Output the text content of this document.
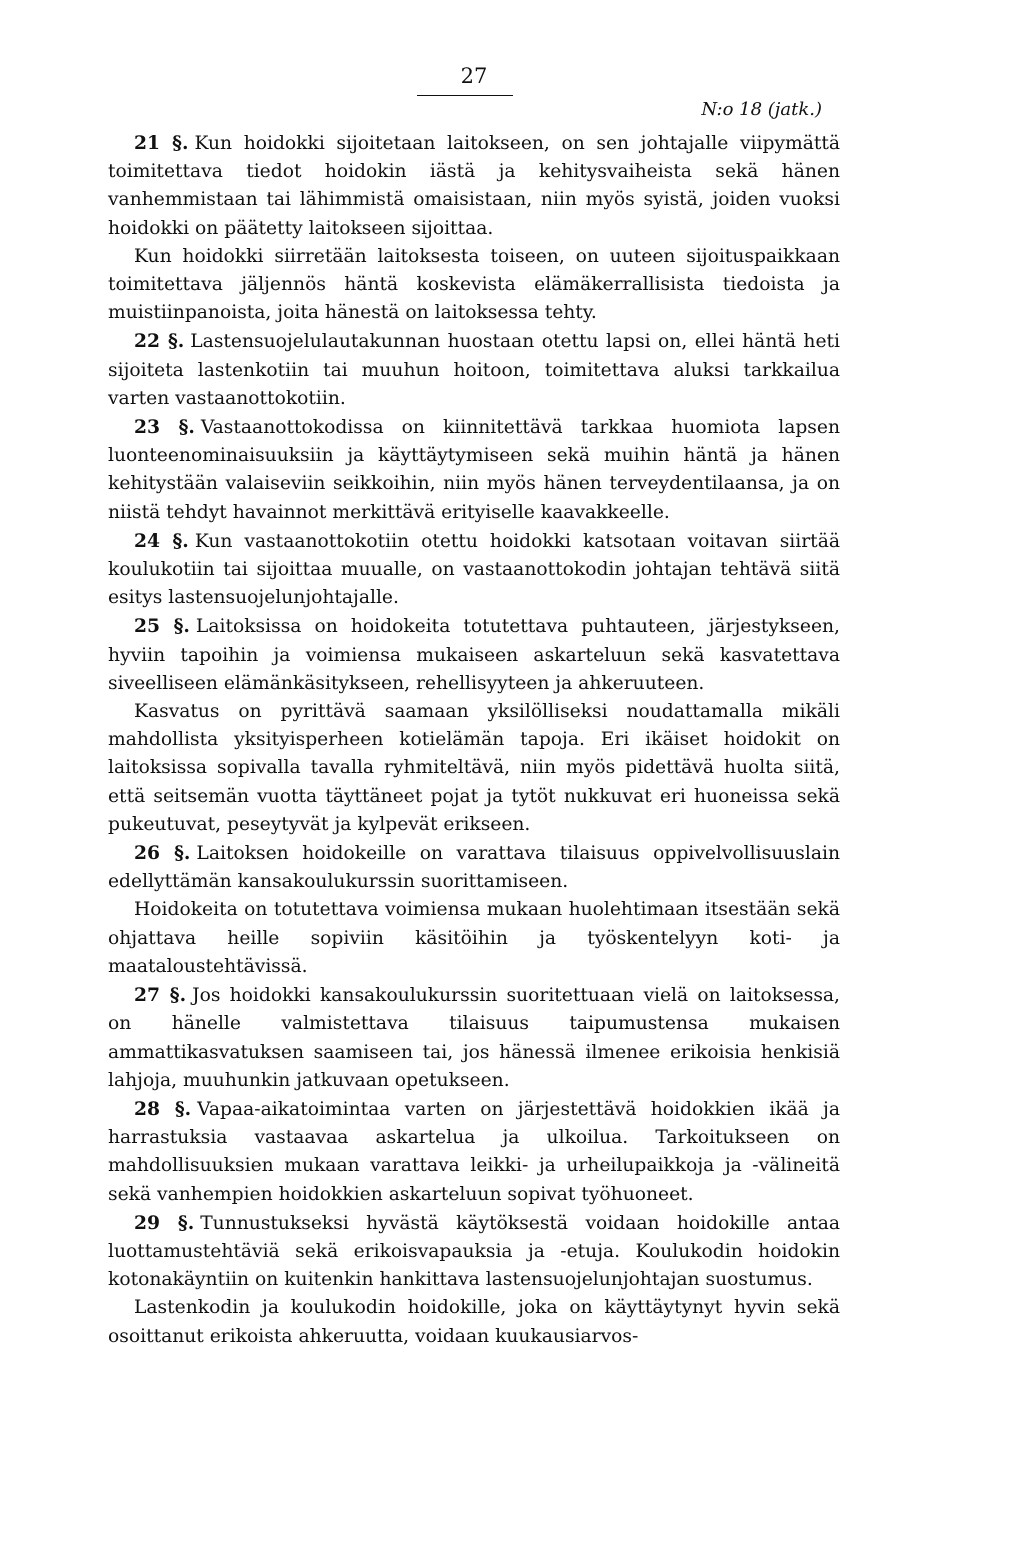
27
N:o 18 (jatk.)

21 §. Kun hoidokki sijoitetaan laitokseen, on sen johtajalle viipymättä toimitettava tiedot hoidokin iästä ja kehitysvaiheista sekä hänen vanhemmistaan tai lähimmistä omaisistaan, niin myös syistä, joiden vuoksi hoidokki on päätetty laitokseen sijoittaa.

Kun hoidokki siirretään laitoksesta toiseen, on uuteen sijoituspaikkaan toimitettava jäljennös häntä koskevista elämäkerrallisista tiedoista ja muistiinpanoista, joita hänestä on laitoksessa tehty.

22 §. Lastensuojelulautakunnan huostaan otettu lapsi on, ellei häntä heti sijoiteta lastenkotiin tai muuhun hoitoon, toimitettava aluksi tarkkailua varten vastaanottokotiin.

23 §. Vastaanottokodissa on kiinnitettävä tarkkaa huomiota lapsen luonteenominaisuuksiin ja käyttäytymiseen sekä muihin häntä ja hänen kehitystään valaiseviin seikkoihin, niin myös hänen terveydentilaansa, ja on niistä tehdyt havainnot merkittävä erityiselle kaavakkeelle.

24 §. Kun vastaanottokotiin otettu hoidokki katsotaan voitavan siirtää koulukotiin tai sijoittaa muualle, on vastaanottokodin johtajan tehtävä siitä esitys lastensuojelunjohtajalle.

25 §. Laitoksissa on hoidokeita totutettava puhtauteen, järjestykseen, hyviin tapoihin ja voimiensa mukaiseen askarteluun sekä kasvatettava siveelliseen elämänkäsitykseen, rehellisyyteen ja ahkeruuteen.

Kasvatus on pyrittävä saamaan yksilölliseksi noudattamalla mikäli mahdollista yksityisperheen kotielämän tapoja. Eri ikäiset hoidokit on laitoksissa sopivalla tavalla ryhmiteltävä, niin myös pidettävä huolta siitä, että seitsemän vuotta täyttäneet pojat ja tytöt nukkuvat eri huoneissa sekä pukeutuvat, peseytyvät ja kylpevät erikseen.

26 §. Laitoksen hoidokeille on varattava tilaisuus oppivelvollisuuslain edellyttämän kansakoulukurssin suorittamiseen.

Hoidokeita on totutettava voimiensa mukaan huolehtimaan itsestään sekä ohjattava heille sopiviin käsitöihin ja työskentelyyn koti- ja maataloustehtävissä.

27 §. Jos hoidokki kansakoulukurssin suoritettuaan vielä on laitoksessa, on hänelle valmistettava tilaisuus taipumustensa mukaisen ammattikasvatuksen saamiseen tai, jos hänessä ilmenee erikoisia henkisiä lahjoja, muuhunkin jatkuvaan opetukseen.

28 §. Vapaa-aikatoimintaa varten on järjestettävä hoidokkien ikää ja harrastuksia vastaavaa askartelua ja ulkoilua. Tarkoitukseen on mahdollisuuksien mukaan varattava leikki- ja urheilupaikkoja ja -välineitä sekä vanhempien hoidokkien askarteluun sopivat työhuoneet.

29 §. Tunnustukseksi hyvästä käytöksestä voidaan hoidokille antaa luottamustehtäviä sekä erikoisvapauksia ja -etuja. Koulukodin hoidokin kotonakäyntiin on kuitenkin hankittava lastensuojelunjohtajan suostumus.

Lastenkodin ja koulukodin hoidokille, joka on käyttäytynyt hyvin sekä osoittanut erikoista ahkeruutta, voidaan kuukausiarvos-
